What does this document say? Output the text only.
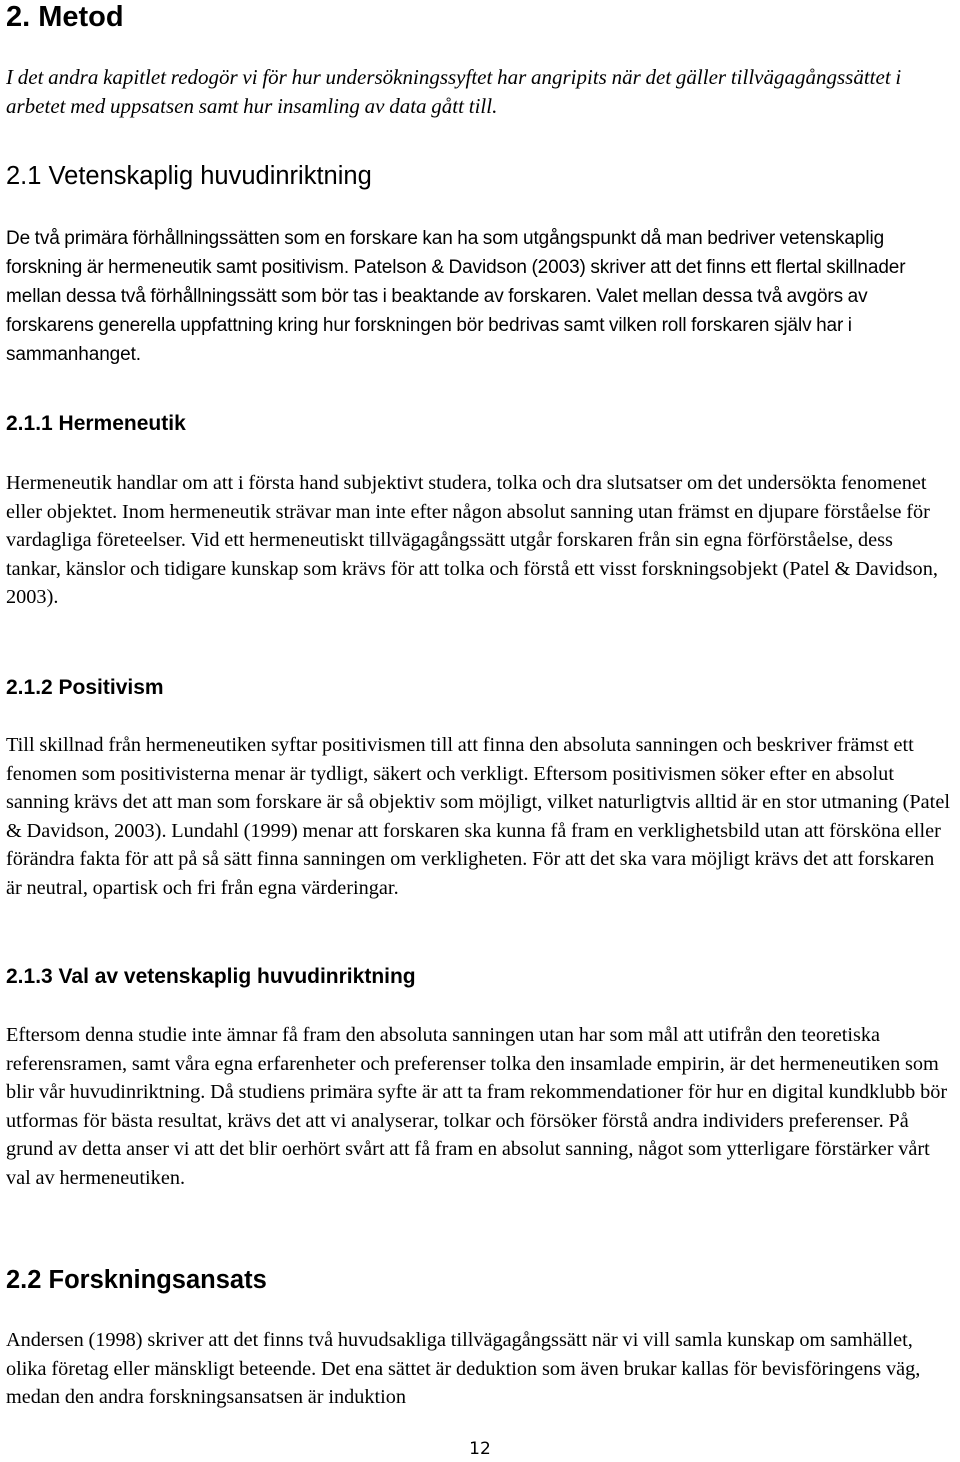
2. Metod

I det andra kapitlet redogör vi för hur undersökningssyftet har angripits när det gäller tillvägagångssättet i arbetet med uppsatsen samt hur insamling av data gått till.

2.1 Vetenskaplig huvudinriktning

De två primära förhållningssätten som en forskare kan ha som utgångspunkt då man bedriver vetenskaplig forskning är hermeneutik samt positivism. Patelson & Davidson (2003) skriver att det finns ett flertal skillnader mellan dessa två förhållningssätt som bör tas i beaktande av forskaren. Valet mellan dessa två avgörs av forskarens generella uppfattning kring hur forskningen bör bedrivas samt vilken roll forskaren själv har i sammanhanget.

2.1.1 Hermeneutik

Hermeneutik handlar om att i första hand subjektivt studera, tolka och dra slutsatser om det undersökta fenomenet eller objektet. Inom hermeneutik strävar man inte efter någon absolut sanning utan främst en djupare förståelse för vardagliga företeelser. Vid ett hermeneutiskt tillvägagångssätt utgår forskaren från sin egna förförståelse, dess tankar, känslor och tidigare kunskap som krävs för att tolka och förstå ett visst forskningsobjekt (Patel & Davidson, 2003).

2.1.2 Positivism

Till skillnad från hermeneutiken syftar positivismen till att finna den absoluta sanningen och beskriver främst ett fenomen som positivisterna menar är tydligt, säkert och verkligt. Eftersom positivismen söker efter en absolut sanning krävs det att man som forskare är så objektiv som möjligt, vilket naturligtvis alltid är en stor utmaning (Patel & Davidson, 2003). Lundahl (1999) menar att forskaren ska kunna få fram en verklighetsbild utan att försköna eller förändra fakta för att på så sätt finna sanningen om verkligheten. För att det ska vara möjligt krävs det att forskaren är neutral, opartisk och fri från egna värderingar.

2.1.3 Val av vetenskaplig huvudinriktning

Eftersom denna studie inte ämnar få fram den absoluta sanningen utan har som mål att utifrån den teoretiska referensramen, samt våra egna erfarenheter och preferenser tolka den insamlade empirin, är det hermeneutiken som blir vår huvudinriktning. Då studiens primära syfte är att ta fram rekommendationer för hur en digital kundklubb bör utformas för bästa resultat, krävs det att vi analyserar, tolkar och försöker förstå andra individers preferenser. På grund av detta anser vi att det blir oerhört svårt att få fram en absolut sanning, något som ytterligare förstärker vårt val av hermeneutiken.

2.2 Forskningsansats

Andersen (1998) skriver att det finns två huvudsakliga tillvägagångssätt när vi vill samla kunskap om samhället, olika företag eller mänskligt beteende. Det ena sättet är deduktion som även brukar kallas för bevisföringens väg, medan den andra forskningsansatsen är induktion

12
